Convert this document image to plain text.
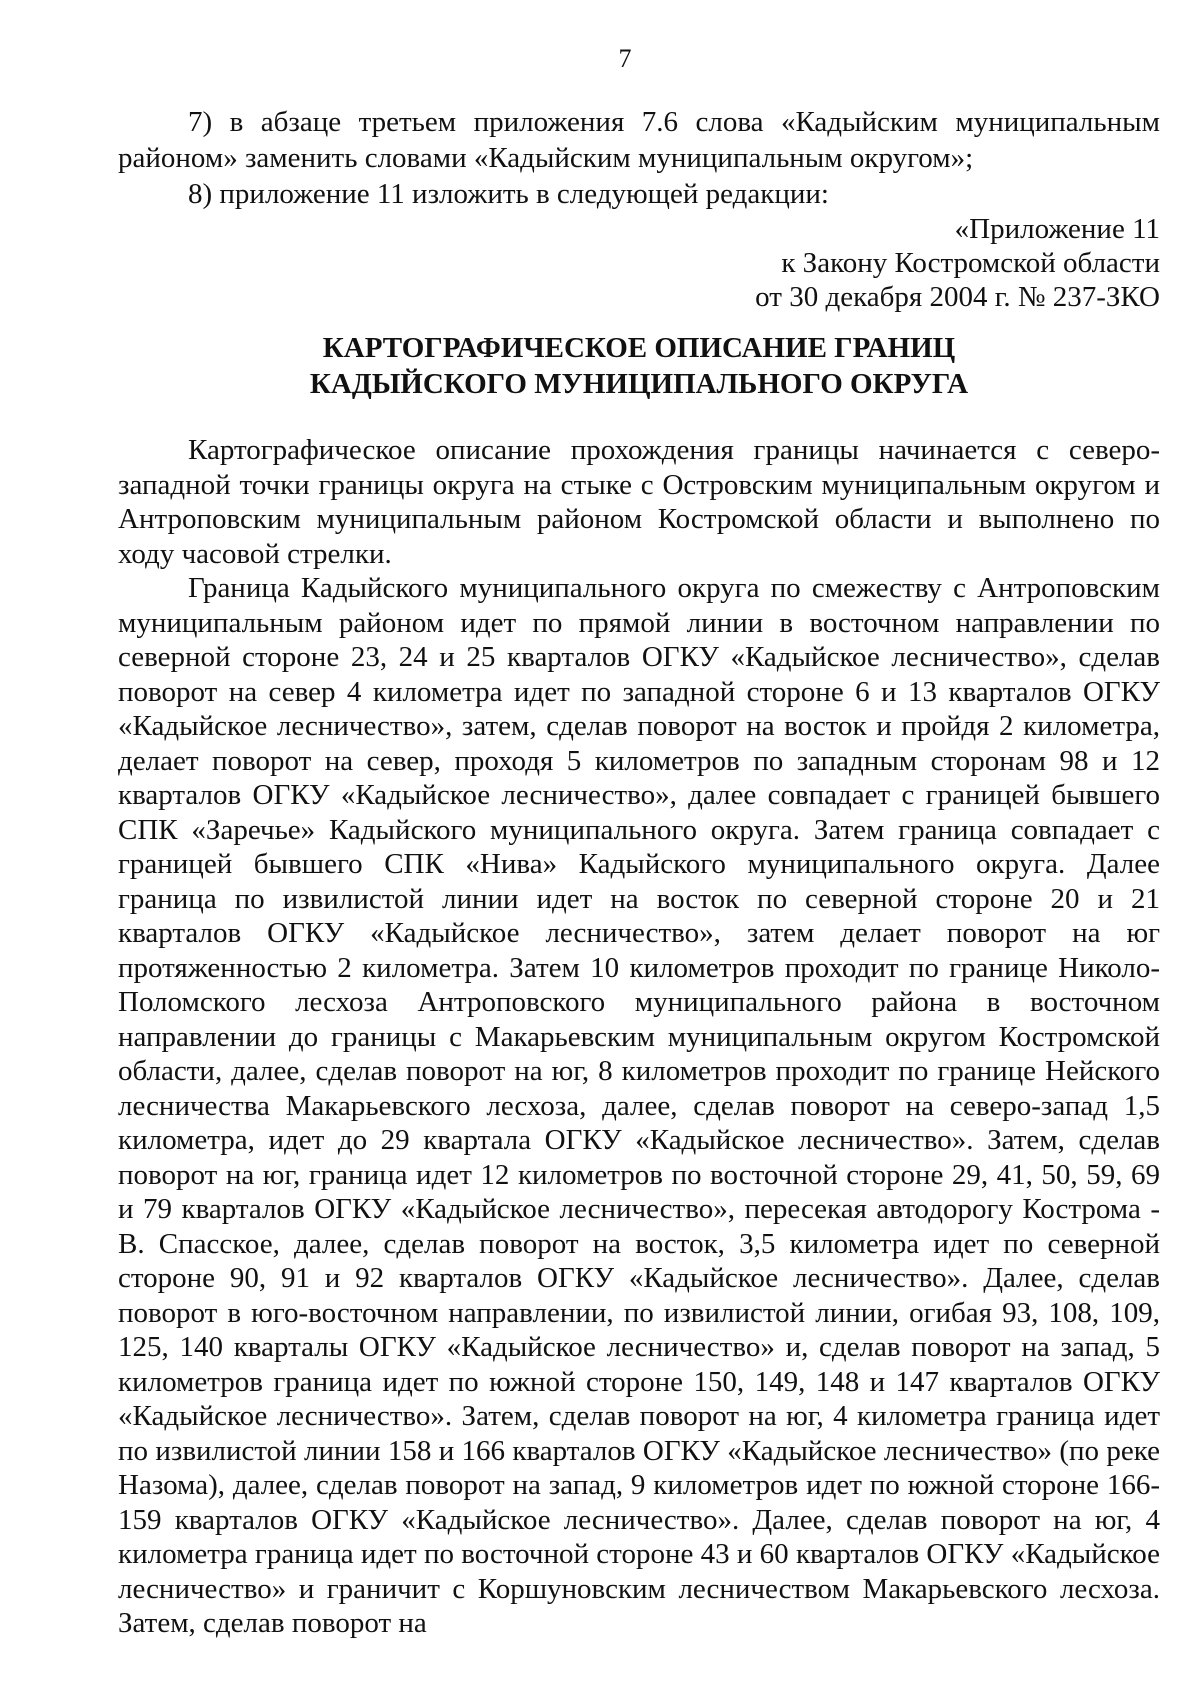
7

7) в абзаце третьем приложения 7.6 слова «Кадыйским муниципальным районом» заменить словами «Кадыйским муниципальным округом»;

8) приложение 11 изложить в следующей редакции:

«Приложение 11

к Закону Костромской области

от 30 декабря 2004 г. № 237-ЗКО

КАРТОГРАФИЧЕСКОЕ ОПИСАНИЕ ГРАНИЦ
КАДЫЙСКОГО МУНИЦИПАЛЬНОГО ОКРУГА

Картографическое описание прохождения границы начинается с северо-западной точки границы округа на стыке с Островским муниципальным округом и Антроповским муниципальным районом Костромской области и выполнено по ходу часовой стрелки.

Граница Кадыйского муниципального округа по смежеству с Антроповским муниципальным районом идет по прямой линии в восточном направлении по северной стороне 23, 24 и 25 кварталов ОГКУ «Кадыйское лесничество», сделав поворот на север 4 километра идет по западной стороне 6 и 13 кварталов ОГКУ «Кадыйское лесничество», затем, сделав поворот на восток и пройдя 2 километра, делает поворот на север, проходя 5 километров по западным сторонам 98 и 12 кварталов ОГКУ «Кадыйское лесничество», далее совпадает с границей бывшего СПК «Заречье» Кадыйского муниципального округа. Затем граница совпадает с границей бывшего СПК «Нива» Кадыйского муниципального округа. Далее граница по извилистой линии идет на восток по северной стороне 20 и 21 кварталов ОГКУ «Кадыйское лесничество», затем делает поворот на юг протяженностью 2 километра. Затем 10 километров проходит по границе Николо-Поломского лесхоза Антроповского муниципального района в восточном направлении до границы с Макарьевским муниципальным округом Костромской области, далее, сделав поворот на юг, 8 километров проходит по границе Нейского лесничества Макарьевского лесхоза, далее, сделав поворот на северо-запад 1,5 километра, идет до 29 квартала ОГКУ «Кадыйское лесничество». Затем, сделав поворот на юг, граница идет 12 километров по восточной стороне 29, 41, 50, 59, 69 и 79 кварталов ОГКУ «Кадыйское лесничество», пересекая автодорогу Кострома - В. Спасское, далее, сделав поворот на восток, 3,5 километра идет по северной стороне 90, 91 и 92 кварталов ОГКУ «Кадыйское лесничество». Далее, сделав поворот в юго-восточном направлении, по извилистой линии, огибая 93, 108, 109, 125, 140 кварталы ОГКУ «Кадыйское лесничество» и, сделав поворот на запад, 5 километров граница идет по южной стороне 150, 149, 148 и 147 кварталов ОГКУ «Кадыйское лесничество». Затем, сделав поворот на юг, 4 километра граница идет по извилистой линии 158 и 166 кварталов ОГКУ «Кадыйское лесничество» (по реке Назома), далее, сделав поворот на запад, 9 километров идет по южной стороне 166-159 кварталов ОГКУ «Кадыйское лесничество». Далее, сделав поворот на юг, 4 километра граница идет по восточной стороне 43 и 60 кварталов ОГКУ «Кадыйское лесничество» и граничит с Коршуновским лесничеством Макарьевского лесхоза. Затем, сделав поворот на
